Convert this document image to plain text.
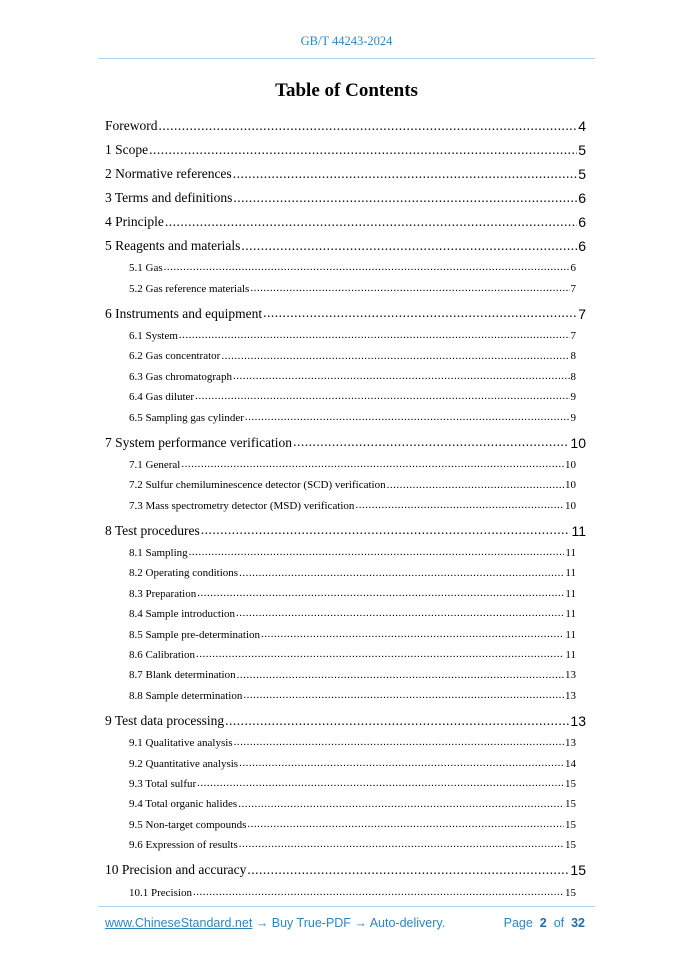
GB/T 44243-2024
Table of Contents
Foreword .....	4
1 Scope .....	5
2 Normative references .....	5
3 Terms and definitions .....	6
4 Principle .....	6
5 Reagents and materials .....	6
5.1 Gas .....	6
5.2 Gas reference materials .....	7
6 Instruments and equipment .....	7
6.1 System .....	7
6.2 Gas concentrator .....	8
6.3 Gas chromatograph .....	8
6.4 Gas diluter .....	9
6.5 Sampling gas cylinder .....	9
7 System performance verification .....	10
7.1 General .....	10
7.2 Sulfur chemiluminescence detector (SCD) verification .....	10
7.3 Mass spectrometry detector (MSD) verification .....	10
8 Test procedures .....	11
8.1 Sampling .....	11
8.2 Operating conditions .....	11
8.3 Preparation .....	11
8.4 Sample introduction .....	11
8.5 Sample pre-determination .....	11
8.6 Calibration .....	11
8.7 Blank determination .....	13
8.8 Sample determination .....	13
9 Test data processing .....	13
9.1 Qualitative analysis .....	13
9.2 Quantitative analysis .....	14
9.3 Total sulfur .....	15
9.4 Total organic halides .....	15
9.5 Non-target compounds .....	15
9.6 Expression of results .....	15
10 Precision and accuracy .....	15
10.1 Precision .....	15
www.ChineseStandard.net → Buy True-PDF → Auto-delivery.	Page 2 of 32
